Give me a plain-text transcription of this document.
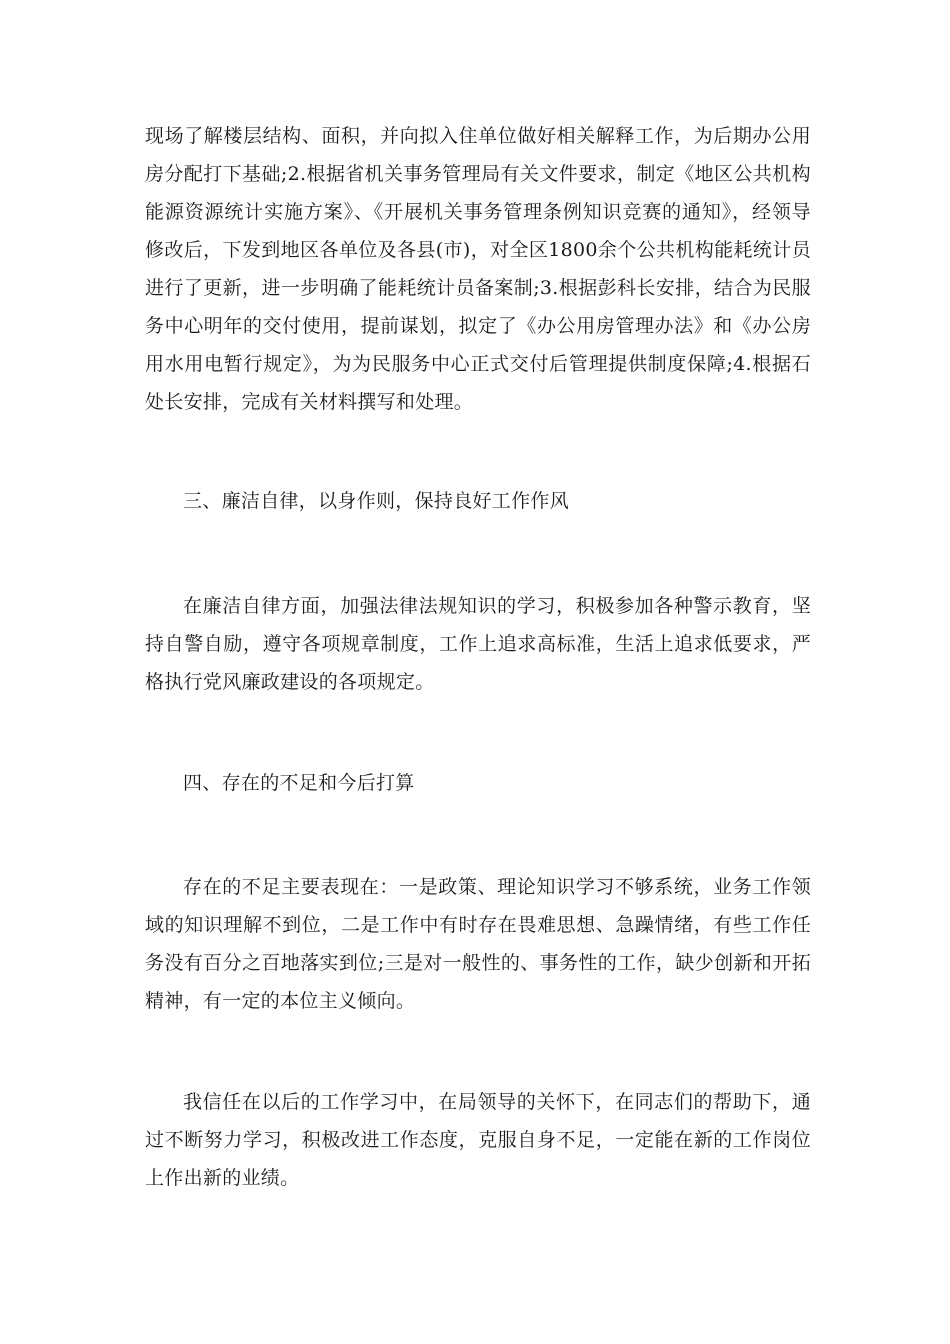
现场了解楼层结构、面积，并向拟入住单位做好相关解释工作，为后期办公用房分配打下基础;2.根据省机关事务管理局有关文件要求，制定《地区公共机构能源资源统计实施方案》、《开展机关事务管理条例知识竞赛的通知》，经领导修改后，下发到地区各单位及各县(市)，对全区1800余个公共机构能耗统计员进行了更新，进一步明确了能耗统计员备案制;3.根据彭科长安排，结合为民服务中心明年的交付使用，提前谋划，拟定了《办公用房管理办法》和《办公房用水用电暂行规定》，为为民服务中心正式交付后管理提供制度保障;4.根据石处长安排，完成有关材料撰写和处理。

三、廉洁自律，以身作则，保持良好工作作风

在廉洁自律方面，加强法律法规知识的学习，积极参加各种警示教育，坚持自警自励，遵守各项规章制度，工作上追求高标准，生活上追求低要求，严格执行党风廉政建设的各项规定。

四、存在的不足和今后打算

存在的不足主要表现在：一是政策、理论知识学习不够系统，业务工作领域的知识理解不到位，二是工作中有时存在畏难思想、急躁情绪，有些工作任务没有百分之百地落实到位;三是对一般性的、事务性的工作，缺少创新和开拓精神，有一定的本位主义倾向。

我信任在以后的工作学习中，在局领导的关怀下，在同志们的帮助下，通过不断努力学习，积极改进工作态度，克服自身不足，一定能在新的工作岗位上作出新的业绩。
